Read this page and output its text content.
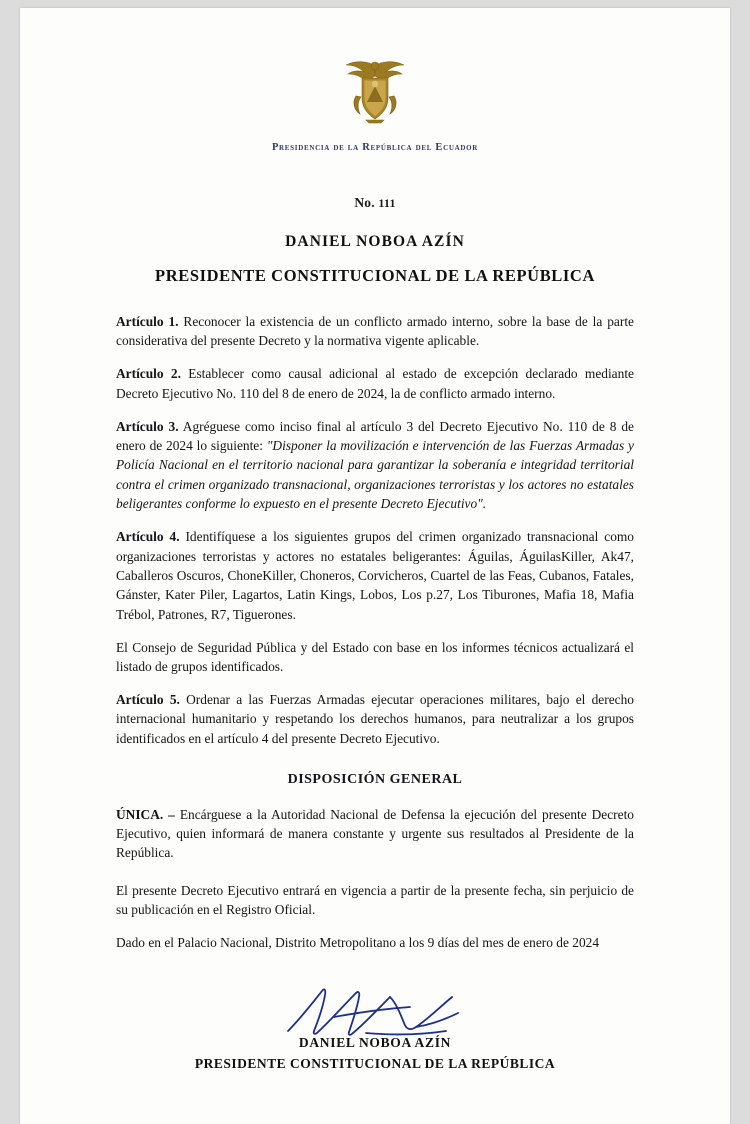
Presidencia de la República del Ecuador
No. 111
DANIEL NOBOA AZÍN
PRESIDENTE CONSTITUCIONAL DE LA REPÚBLICA

Artículo 1. Reconocer la existencia de un conflicto armado interno, sobre la base de la parte considerativa del presente Decreto y la normativa vigente aplicable.

Artículo 2. Establecer como causal adicional al estado de excepción declarado mediante Decreto Ejecutivo No. 110 del 8 de enero de 2024, la de conflicto armado interno.

Artículo 3. Agréguese como inciso final al artículo 3 del Decreto Ejecutivo No. 110 de 8 de enero de 2024 lo siguiente: "Disponer la movilización e intervención de las Fuerzas Armadas y Policía Nacional en el territorio nacional para garantizar la soberanía e integridad territorial contra el crimen organizado transnacional, organizaciones terroristas y los actores no estatales beligerantes conforme lo expuesto en el presente Decreto Ejecutivo".

Artículo 4. Identifíquese a los siguientes grupos del crimen organizado transnacional como organizaciones terroristas y actores no estatales beligerantes: Águilas, ÁguilasKiller, Ak47, Caballeros Oscuros, ChoneKiller, Choneros, Corvicheros, Cuartel de las Feas, Cubanos, Fatales, Gánster, Kater Piler, Lagartos, Latin Kings, Lobos, Los p.27, Los Tiburones, Mafia 18, Mafia Trébol, Patrones, R7, Tiguerones.

El Consejo de Seguridad Pública y del Estado con base en los informes técnicos actualizará el listado de grupos identificados.

Artículo 5. Ordenar a las Fuerzas Armadas ejecutar operaciones militares, bajo el derecho internacional humanitario y respetando los derechos humanos, para neutralizar a los grupos identificados en el artículo 4 del presente Decreto Ejecutivo.

DISPOSICIÓN GENERAL

ÚNICA. – Encárguese a la Autoridad Nacional de Defensa la ejecución del presente Decreto Ejecutivo, quien informará de manera constante y urgente sus resultados al Presidente de la República.

El presente Decreto Ejecutivo entrará en vigencia a partir de la presente fecha, sin perjuicio de su publicación en el Registro Oficial.

Dado en el Palacio Nacional, Distrito Metropolitano a los 9 días del mes de enero de 2024

DANIEL NOBOA AZÍN
PRESIDENTE CONSTITUCIONAL DE LA REPÚBLICA
